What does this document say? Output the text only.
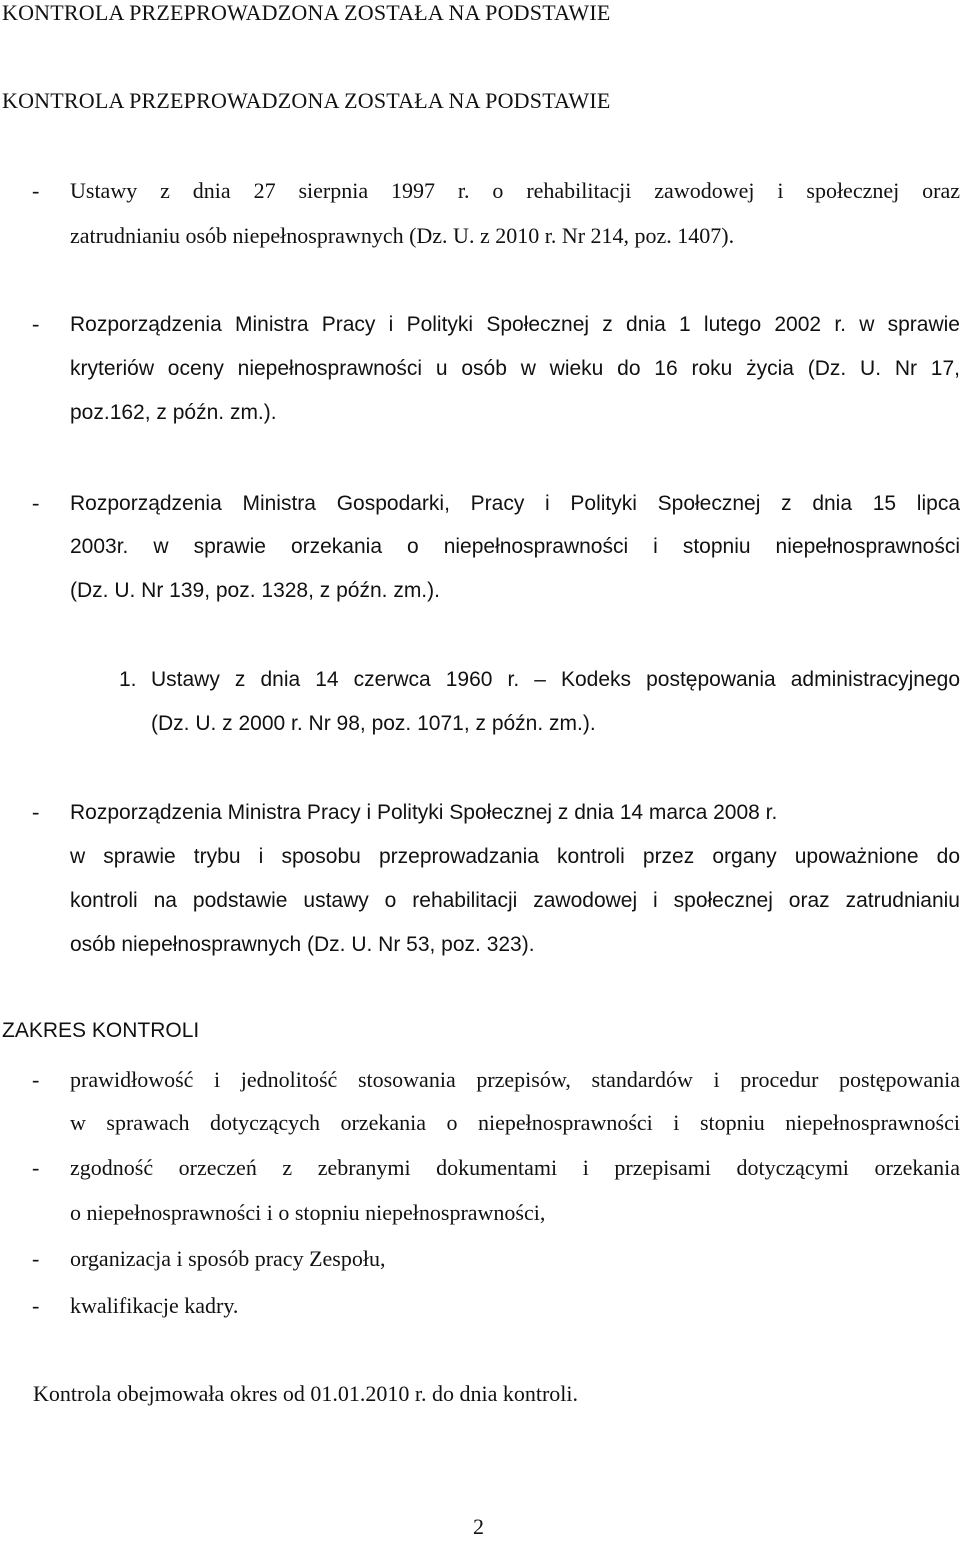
KONTROLA PRZEPROWADZONA ZOSTAŁA NA PODSTAWIE
KONTROLA PRZEPROWADZONA ZOSTAŁA NA PODSTAWIE
- Ustawy z dnia 27 sierpnia 1997 r. o rehabilitacji zawodowej i społecznej oraz
zatrudnianiu osób niepełnosprawnych (Dz. U. z 2010 r. Nr 214, poz. 1407).
- Rozporządzenia Ministra Pracy i Polityki Społecznej z dnia 1 lutego 2002 r. w sprawie
kryteriów oceny niepełnosprawności u osób w wieku do 16 roku życia (Dz. U. Nr 17,
poz.162, z późn. zm.).
- Rozporządzenia Ministra Gospodarki, Pracy i Polityki Społecznej z dnia 15 lipca
2003r. w sprawie orzekania o niepełnosprawności i stopniu niepełnosprawności
(Dz. U. Nr 139, poz. 1328, z późn. zm.).
1. Ustawy z dnia 14 czerwca 1960 r. – Kodeks postępowania administracyjnego
(Dz. U. z 2000 r. Nr 98, poz. 1071, z późn. zm.).
- Rozporządzenia Ministra Pracy i Polityki Społecznej z dnia 14 marca 2008 r.
w sprawie trybu i sposobu przeprowadzania kontroli przez organy upoważnione do
kontroli na podstawie ustawy o rehabilitacji zawodowej i społecznej oraz zatrudnianiu
osób niepełnosprawnych (Dz. U. Nr 53, poz. 323).
ZAKRES KONTROLI
- prawidłowość i jednolitość stosowania przepisów, standardów i procedur postępowania
w sprawach dotyczących orzekania o niepełnosprawności i stopniu niepełnosprawności
- zgodność orzeczeń z zebranymi dokumentami i przepisami dotyczącymi orzekania
o niepełnosprawności i o stopniu niepełnosprawności,
- organizacja i sposób pracy Zespołu,
- kwalifikacje kadry.
Kontrola obejmowała okres od 01.01.2010 r. do dnia kontroli.
2
